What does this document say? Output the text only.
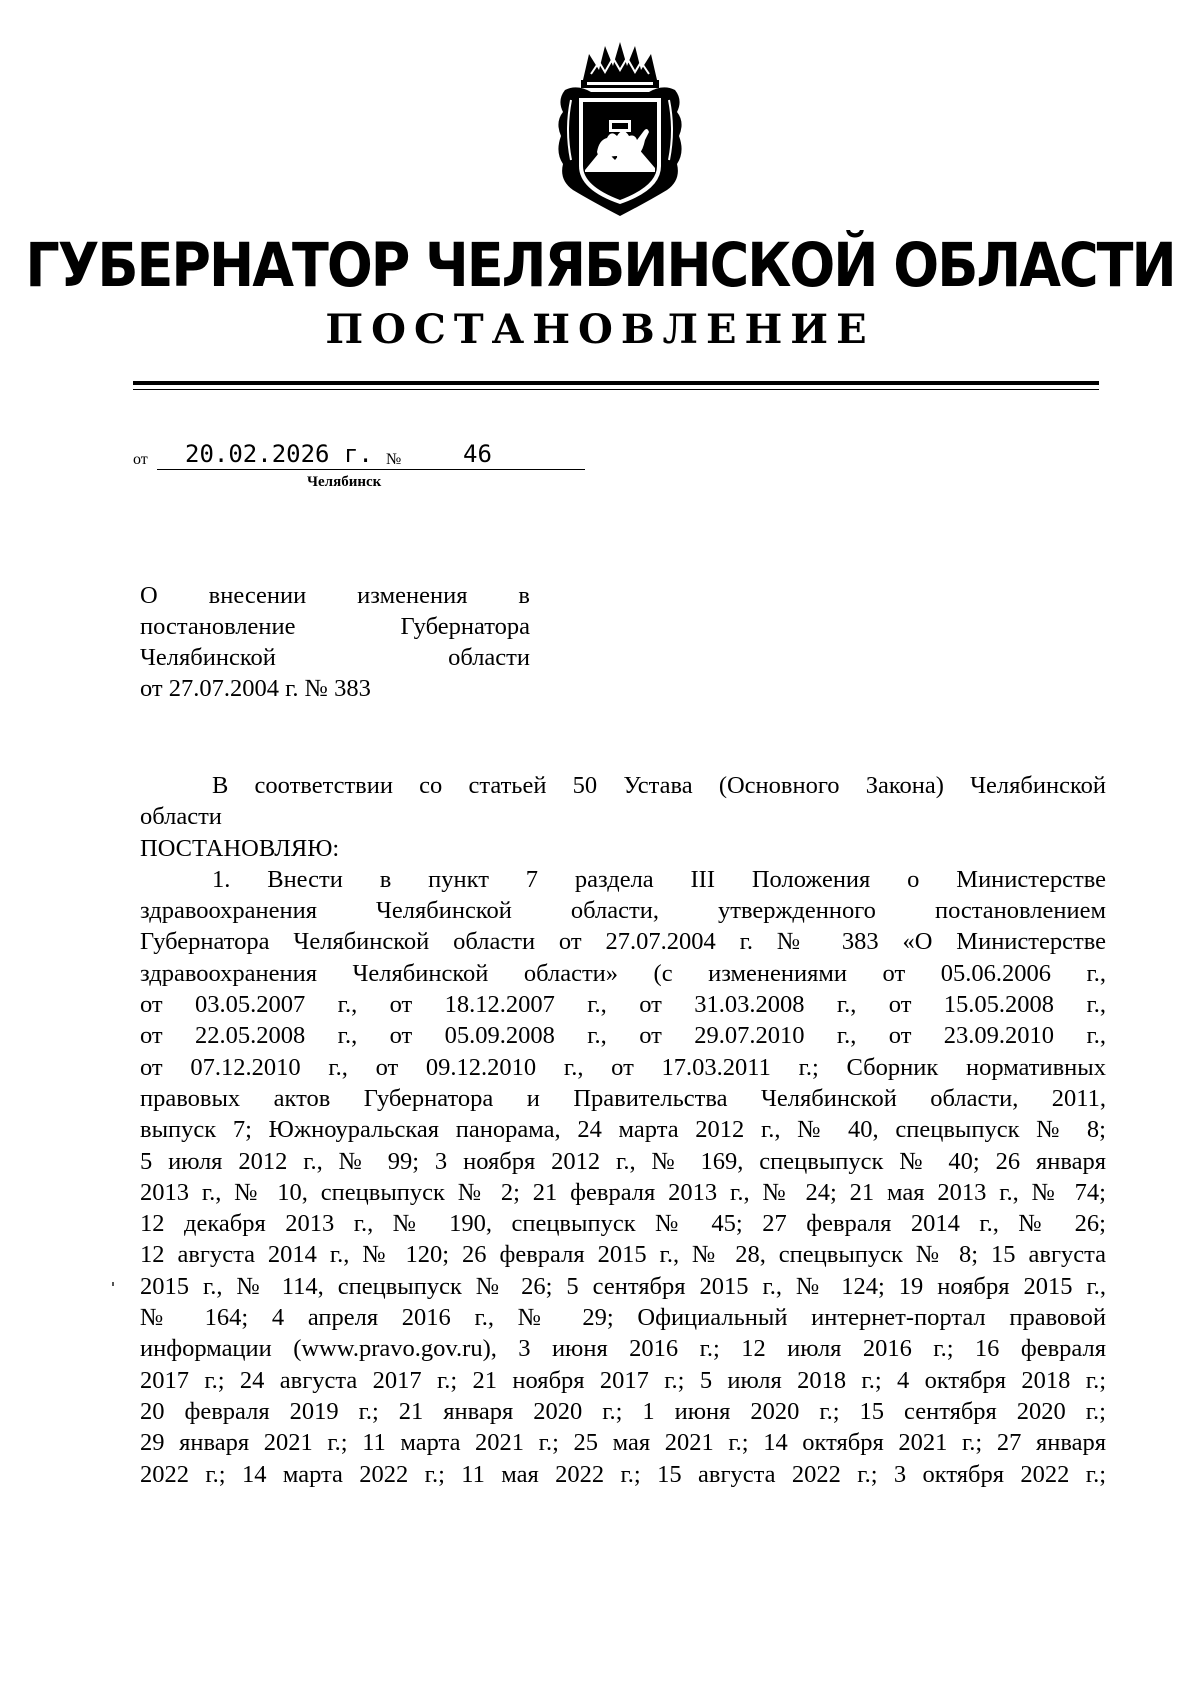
ГУБЕРНАТОР ЧЕЛЯБИНСКОЙ ОБЛАСТИ
ПОСТАНОВЛЕНИЕ
от 20.02.2026 г. №	46
Челябинск
О внесении изменения в
постановление Губернатора
Челябинской области
от 27.07.2004 г. № 383
В соответствии со статьей 50 Устава (Основного Закона) Челябинской
области
ПОСТАНОВЛЯЮ:
1. Внести в пункт 7 раздела III Положения о Министерстве
здравоохранения Челябинской области, утвержденного постановлением
Губернатора Челябинской области от 27.07.2004 г. № 383 «О Министерстве
здравоохранения Челябинской области» (с изменениями от 05.06.2006 г.,
от 03.05.2007 г., от 18.12.2007 г., от 31.03.2008 г., от 15.05.2008 г.,
от 22.05.2008 г., от 05.09.2008 г., от 29.07.2010 г., от 23.09.2010 г.,
от 07.12.2010 г., от 09.12.2010 г., от 17.03.2011 г.; Сборник нормативных
правовых актов Губернатора и Правительства Челябинской области, 2011,
выпуск 7; Южноуральская панорама, 24 марта 2012 г., № 40, спецвыпуск № 8;
5 июля 2012 г., № 99; 3 ноября 2012 г., № 169, спецвыпуск № 40; 26 января
2013 г., № 10, спецвыпуск № 2; 21 февраля 2013 г., № 24; 21 мая 2013 г., № 74;
12 декабря 2013 г., № 190, спецвыпуск № 45; 27 февраля 2014 г., № 26;
12 августа 2014 г., № 120; 26 февраля 2015 г., № 28, спецвыпуск № 8; 15 августа
2015 г., № 114, спецвыпуск № 26; 5 сентября 2015 г., № 124; 19 ноября 2015 г.,
№ 164; 4 апреля 2016 г., № 29; Официальный интернет-портал правовой
информации (www.pravo.gov.ru), 3 июня 2016 г.; 12 июля 2016 г.; 16 февраля
2017 г.; 24 августа 2017 г.; 21 ноября 2017 г.; 5 июля 2018 г.; 4 октября 2018 г.;
20 февраля 2019 г.; 21 января 2020 г.; 1 июня 2020 г.; 15 сентября 2020 г.;
29 января 2021 г.; 11 марта 2021 г.; 25 мая 2021 г.; 14 октября 2021 г.; 27 января
2022 г.; 14 марта 2022 г.; 11 мая 2022 г.; 15 августа 2022 г.; 3 октября 2022 г.;
